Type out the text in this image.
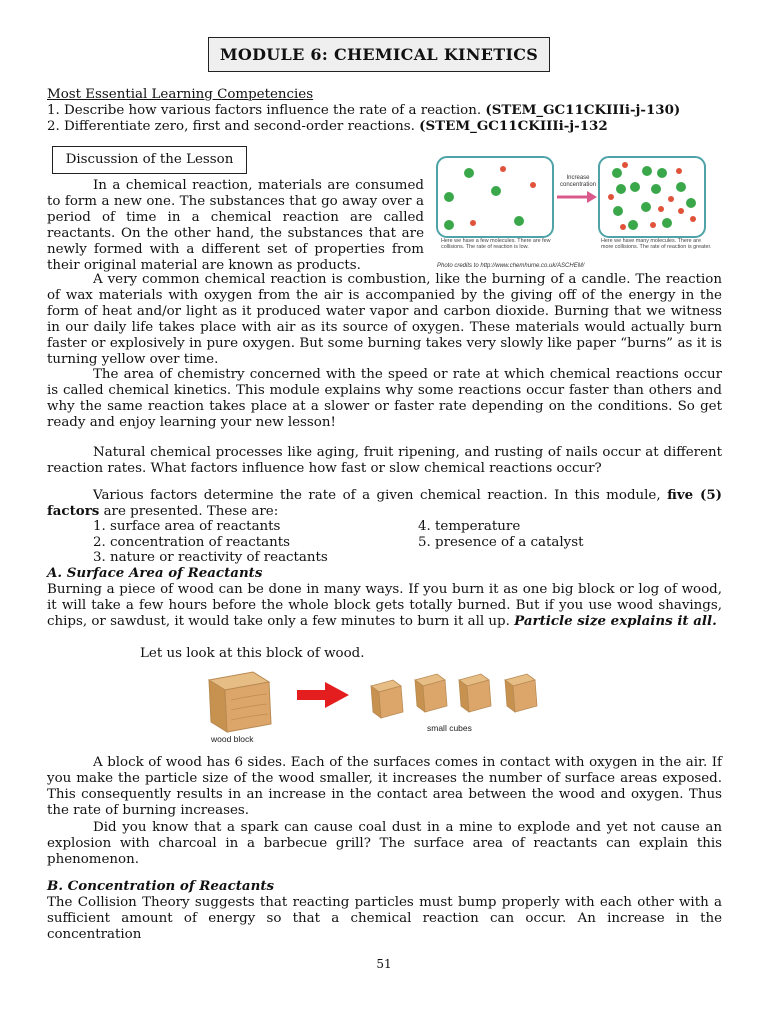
MODULE 6: CHEMICAL KINETICS
Most Essential Learning Competencies
1. Describe how various factors influence the rate of a reaction. (STEM_GC11CKIIIi-j-130)
2. Differentiate zero, first and second-order reactions. (STEM_GC11CKIIIi-j-132
Discussion of the Lesson
Increase concentration
Here we have a few molecules. There are few collisions. The rate of reaction is low.
Here we have many molecules. There are more collisions. The rate of reaction is greater.
Photo credits to http://www.chemhume.co.uk/ASCHEM/

In a chemical reaction, materials are consumed to form a new one. The substances that go away over a period of time in a chemical reaction are called reactants. On the other hand, the substances that are newly formed with a different set of properties from their original material are known as products.

A very common chemical reaction is combustion, like the burning of a candle. The reaction of wax materials with oxygen from the air is accompanied by the giving off of the energy in the form of heat and/or light as it produced water vapor and carbon dioxide. Burning that we witness in our daily life takes place with air as its source of oxygen. These materials would actually burn faster or explosively in pure oxygen. But some burning takes very slowly like paper “burns” as it is turning yellow over time.

The area of chemistry concerned with the speed or rate at which chemical reactions occur is called chemical kinetics. This module explains why some reactions occur faster than others and why the same reaction takes place at a slower or faster rate depending on the conditions. So get ready and enjoy learning your new lesson!

Natural chemical processes like aging, fruit ripening, and rusting of nails occur at different reaction rates. What factors influence how fast or slow chemical reactions occur?

Various factors determine the rate of a given chemical reaction. In this module, five (5) factors are presented. These are:

1. surface area of reactants
2. concentration of reactants
3. nature or reactivity of reactants
4. temperature
5. presence of a catalyst
A. Surface Area of Reactants

Burning a piece of wood can be done in many ways. If you burn it as one big block or log of wood, it will take a few hours before the whole block gets totally burned. But if you use wood shavings, chips, or sawdust, it would take only a few minutes to burn it all up. Particle size explains it all.

Let us look at this block of wood.
wood block
small cubes

A block of wood has 6 sides. Each of the surfaces comes in contact with oxygen in the air. If you make the particle size of the wood smaller, it increases the number of surface areas exposed. This consequently results in an increase in the contact area between the wood and oxygen. Thus the rate of burning increases.

Did you know that a spark can cause coal dust in a mine to explode and yet not cause an explosion with charcoal in a barbecue grill? The surface area of reactants can explain this phenomenon.

B. Concentration of Reactants

The Collision Theory suggests that reacting particles must bump properly with each other with a sufficient amount of energy so that a chemical reaction can occur. An increase in the concentration

51
